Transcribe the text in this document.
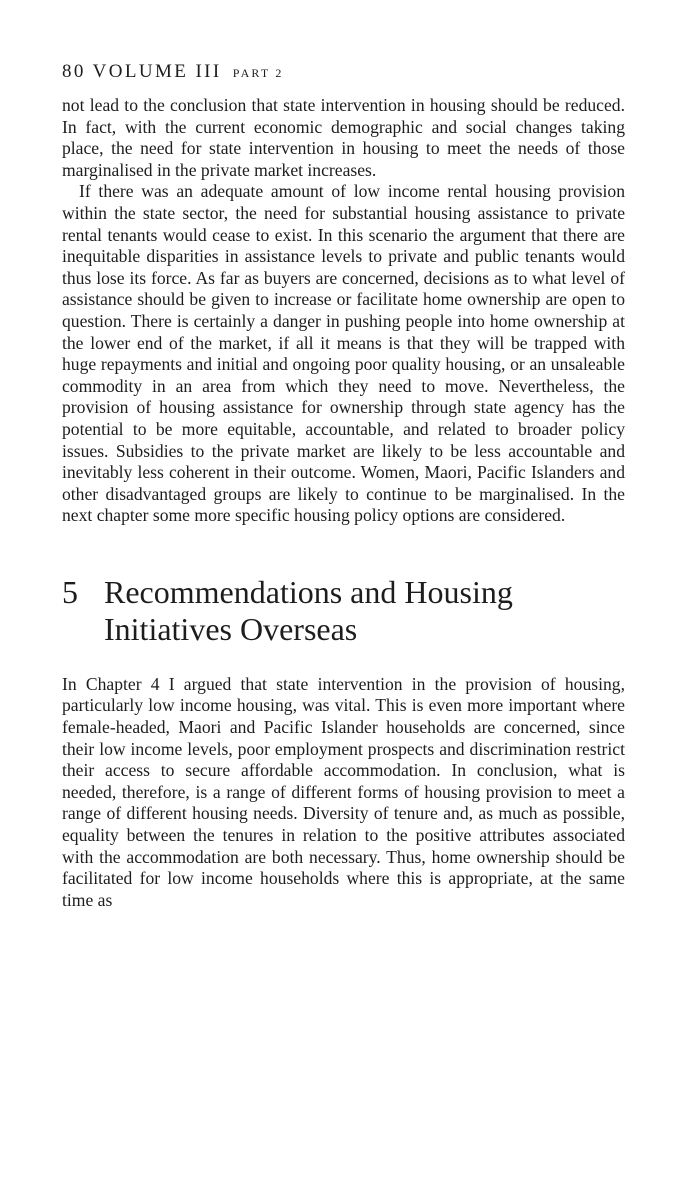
80 VOLUME III PART 2

not lead to the conclusion that state intervention in housing should be reduced. In fact, with the current economic demographic and social changes taking place, the need for state intervention in housing to meet the needs of those marginalised in the private market increases.

If there was an adequate amount of low income rental housing provision within the state sector, the need for substantial housing assistance to private rental tenants would cease to exist. In this scenario the argument that there are inequitable disparities in assistance levels to private and public tenants would thus lose its force. As far as buyers are concerned, decisions as to what level of assistance should be given to increase or facilitate home ownership are open to question. There is certainly a danger in pushing people into home ownership at the lower end of the market, if all it means is that they will be trapped with huge repayments and initial and ongoing poor quality housing, or an unsaleable commodity in an area from which they need to move. Nevertheless, the provision of housing assistance for ownership through state agency has the potential to be more equitable, accountable, and related to broader policy issues. Subsidies to the private market are likely to be less accountable and inevitably less coherent in their outcome. Women, Maori, Pacific Islanders and other disadvantaged groups are likely to continue to be marginalised. In the next chapter some more specific housing policy options are considered.

5 Recommendations and Housing Initiatives Overseas

In Chapter 4 I argued that state intervention in the provision of housing, particularly low income housing, was vital. This is even more important where female-headed, Maori and Pacific Islander households are concerned, since their low income levels, poor employment prospects and discrimination restrict their access to secure affordable accommodation. In conclusion, what is needed, therefore, is a range of different forms of housing provision to meet a range of different housing needs. Diversity of tenure and, as much as possible, equality between the tenures in relation to the positive attributes associated with the accommodation are both necessary. Thus, home ownership should be facilitated for low income households where this is appropriate, at the same time as
